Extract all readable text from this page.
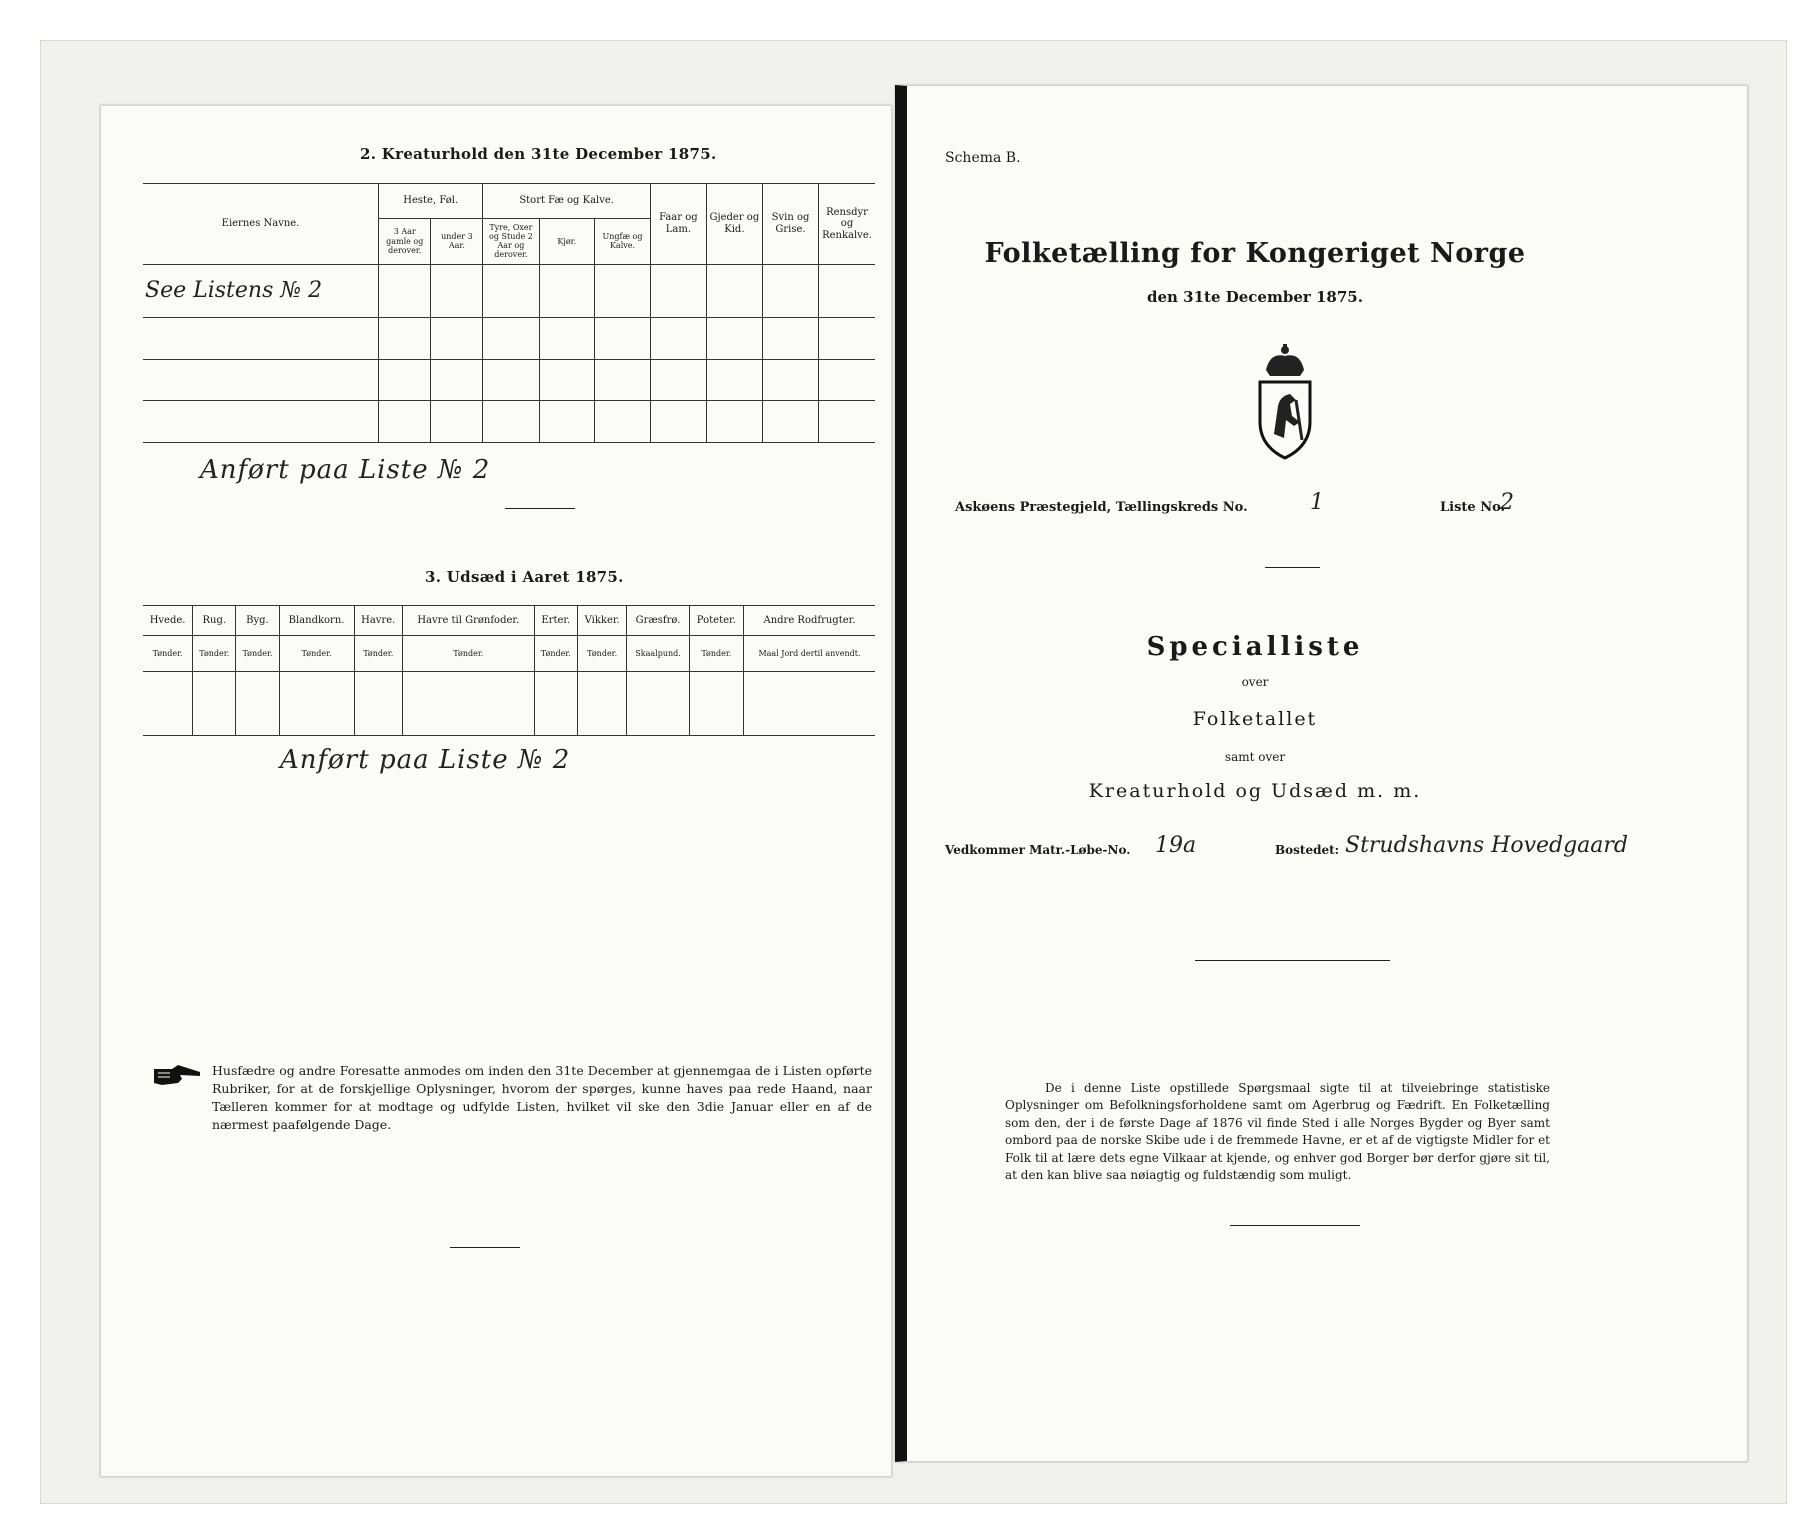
2. Kreaturhold den 31te December 1875.
Eiernes Navne.	Heste, Føl.		Stort Fæ og Kalve.			Faar og Lam.	Gjeder og Kid.	Svin og Grise.	Rensdyr og Renkalve.
	3 Aar gamle og derover.	under 3 Aar.	Tyre, Oxer og Stude 2 Aar og derover.	Kjør.	Ungfæ og Kalve.				
See Listens № 2									

Anført paa Liste № 2
3. Udsæd i Aaret 1875.
Hvede.	Rug.	Byg.	Blandkorn.	Havre.	Havre til Grønfoder.	Erter.	Vikker.	Græsfrø.	Poteter.	Andre Rodfrugter.
Tønder.	Tønder.	Tønder.	Tønder.	Tønder.	Tønder.	Tønder.	Tønder.	Skaalpund.	Tønder.	Maal Jord dertil anvendt.

Anført paa Liste № 2
Husfædre og andre Foresatte anmodes om inden den 31te December at gjennemgaa de i Listen opførte Rubriker, for at de forskjellige Oplysninger, hvorom der spørges, kunne haves paa rede Haand, naar Tælleren kommer for at modtage og udfylde Listen, hvilket vil ske den 3die Januar eller en af de nærmest paafølgende Dage.
Schema B.
Folketælling for Kongeriget Norge
den 31te December 1875.
Askøens Præstegjeld, Tællingskreds No.	1	Liste No.
2
Specialliste
over
Folketallet
samt over
Kreaturhold og Udsæd m. m.
Vedkommer Matr.-Løbe-No. 19a	Bostedet: Strudshavns Hovedgaard
De i denne Liste opstillede Spørgsmaal sigte til at tilveiebringe statistiske Oplysninger om Befolkningsforholdene samt om Agerbrug og Fædrift. En Folketælling som den, der i de første Dage af 1876 vil finde Sted i alle Norges Bygder og Byer samt ombord paa de norske Skibe ude i de fremmede Havne, er et af de vigtigste Midler for et Folk til at lære dets egne Vilkaar at kjende, og enhver god Borger bør derfor gjøre sit til, at den kan blive saa nøiagtig og fuldstændig som muligt.
